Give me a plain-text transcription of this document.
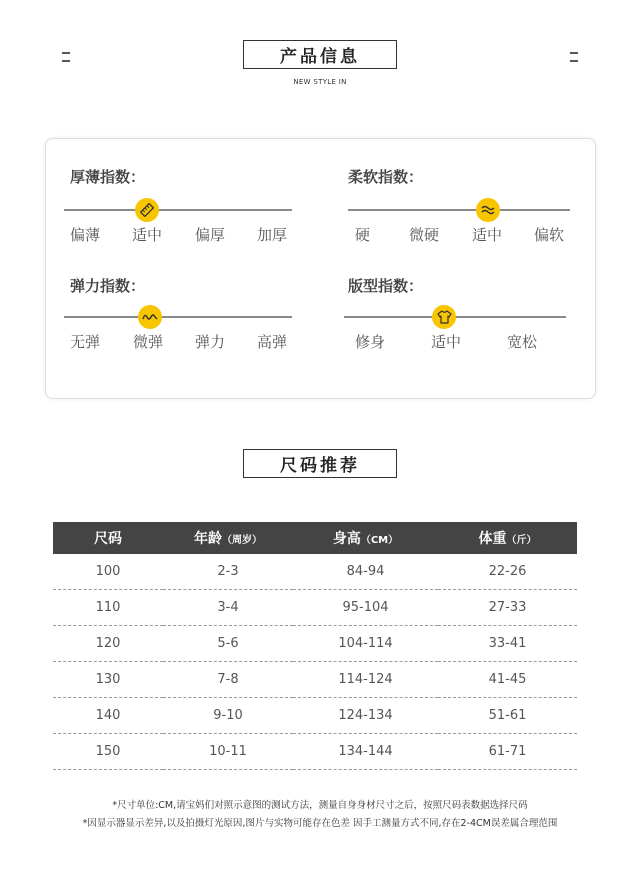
产品信息
NEW STYLE IN
厚薄指数：
偏薄 适中 偏厚 加厚
柔软指数：
硬	微硬 适中 偏软
弹力指数：
无弹 微弹 弹力 高弹
版型指数：
修身	适中	宽松
尺码推荐
尺码	年龄（周岁）	身高（CM）	体重（斤）
100	2-3	84-94	22-26
110	3-4	95-104	27-33
120	5-6	104-114	33-41
130	7-8	114-124	41-45
140	9-10	124-134	51-61
150	10-11	134-144	61-71
*尺寸单位:CM,请宝妈们对照示意图的测试方法，测量自身身材尺寸之后，按照尺码表数据选择尺码
*因显示器显示差异,以及拍摄灯光原因,图片与实物可能存在色差 因手工测量方式不同,存在2-4CM误差属合理范围
